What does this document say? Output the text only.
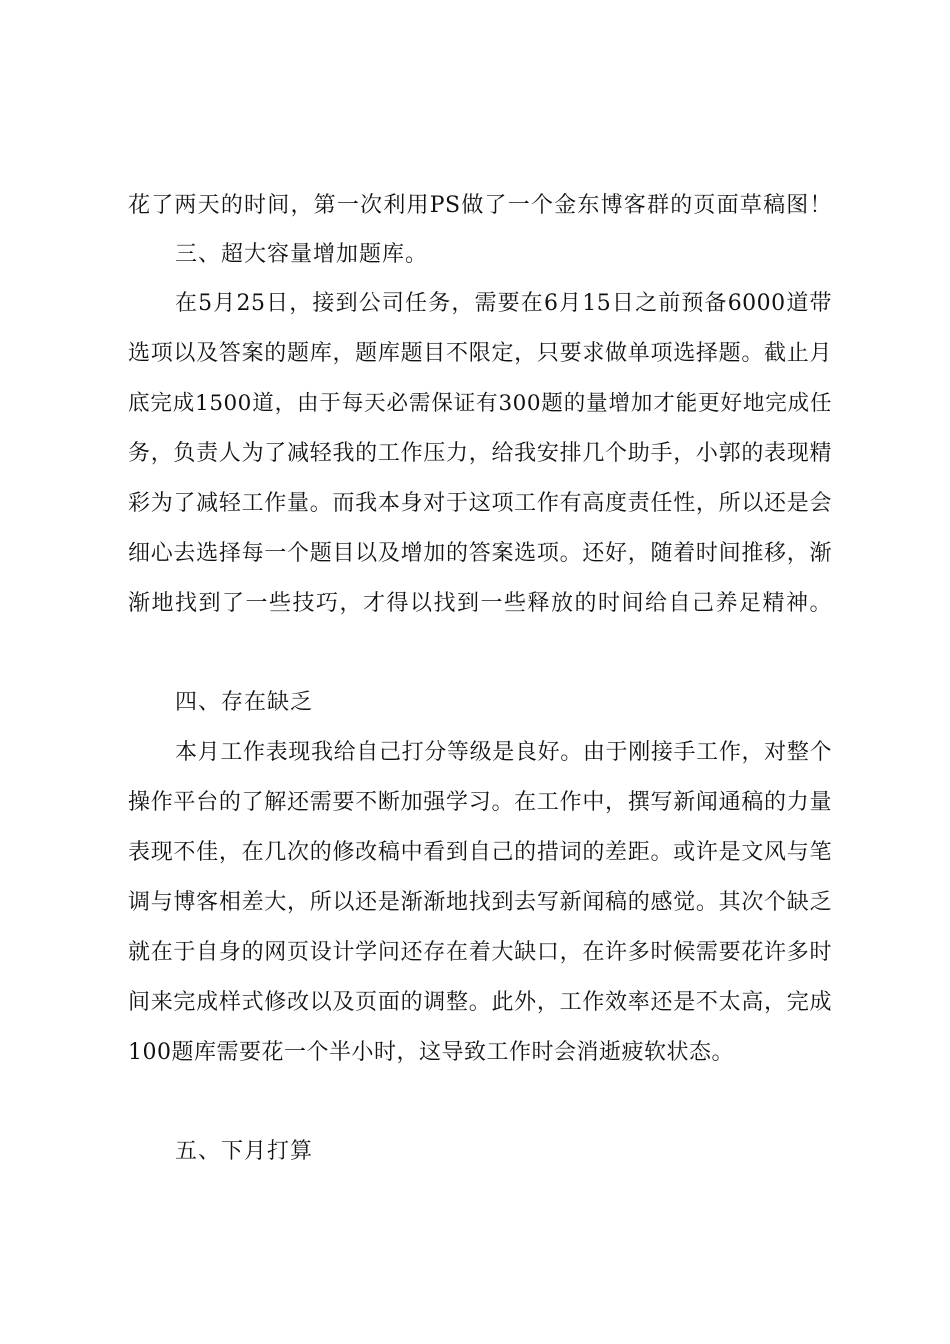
花了两天的时间，第一次利用PS做了一个金东博客群的页面草稿图！
三、超大容量增加题库。
在5月25日，接到公司任务，需要在6月15日之前预备6000道带
选项以及答案的题库，题库题目不限定，只要求做单项选择题。截止月
底完成1500道，由于每天必需保证有300题的量增加才能更好地完成任
务，负责人为了减轻我的工作压力，给我安排几个助手，小郭的表现精
彩为了减轻工作量。而我本身对于这项工作有高度责任性，所以还是会
细心去选择每一个题目以及增加的答案选项。还好，随着时间推移，渐
渐地找到了一些技巧，才得以找到一些释放的时间给自己养足精神。
四、存在缺乏
本月工作表现我给自己打分等级是良好。由于刚接手工作，对整个
操作平台的了解还需要不断加强学习。在工作中，撰写新闻通稿的力量
表现不佳，在几次的修改稿中看到自己的措词的差距。或许是文风与笔
调与博客相差大，所以还是渐渐地找到去写新闻稿的感觉。其次个缺乏
就在于自身的网页设计学问还存在着大缺口，在许多时候需要花许多时
间来完成样式修改以及页面的调整。此外，工作效率还是不太高，完成
100题库需要花一个半小时，这导致工作时会消逝疲软状态。
五、下月打算
